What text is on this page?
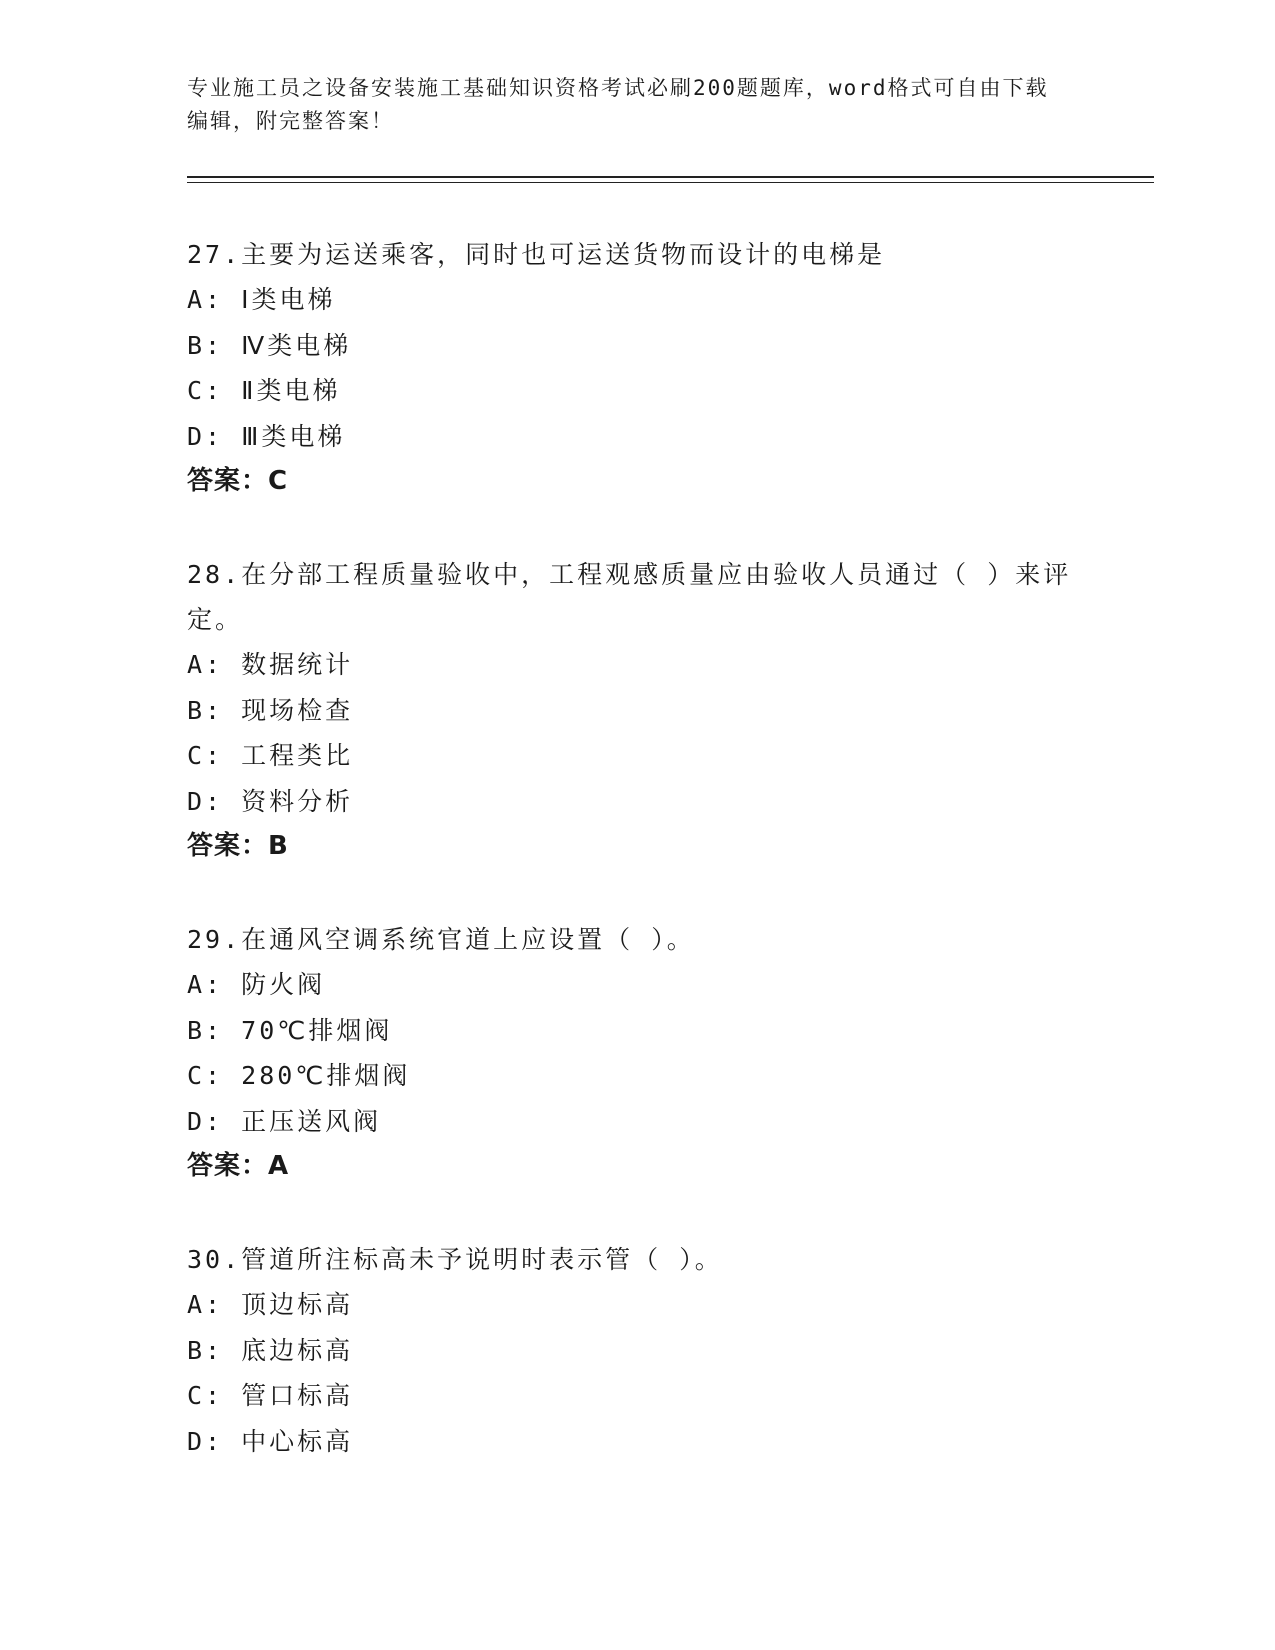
专业施工员之设备安装施工基础知识资格考试必刷200题题库，word格式可自由下载编辑，附完整答案！

27.主要为运送乘客，同时也可运送货物而设计的电梯是

A: Ⅰ类电梯

B: Ⅳ类电梯

C: Ⅱ类电梯

D: Ⅲ类电梯

答案：C

28.在分部工程质量验收中，工程观感质量应由验收人员通过（ ）来评定。

A: 数据统计

B: 现场检查

C: 工程类比

D: 资料分析

答案：B

29.在通风空调系统官道上应设置（ ）。

A: 防火阀

B: 70℃排烟阀

C: 280℃排烟阀

D: 正压送风阀

答案：A

30.管道所注标高未予说明时表示管（ ）。

A: 顶边标高

B: 底边标高

C: 管口标高

D: 中心标高
